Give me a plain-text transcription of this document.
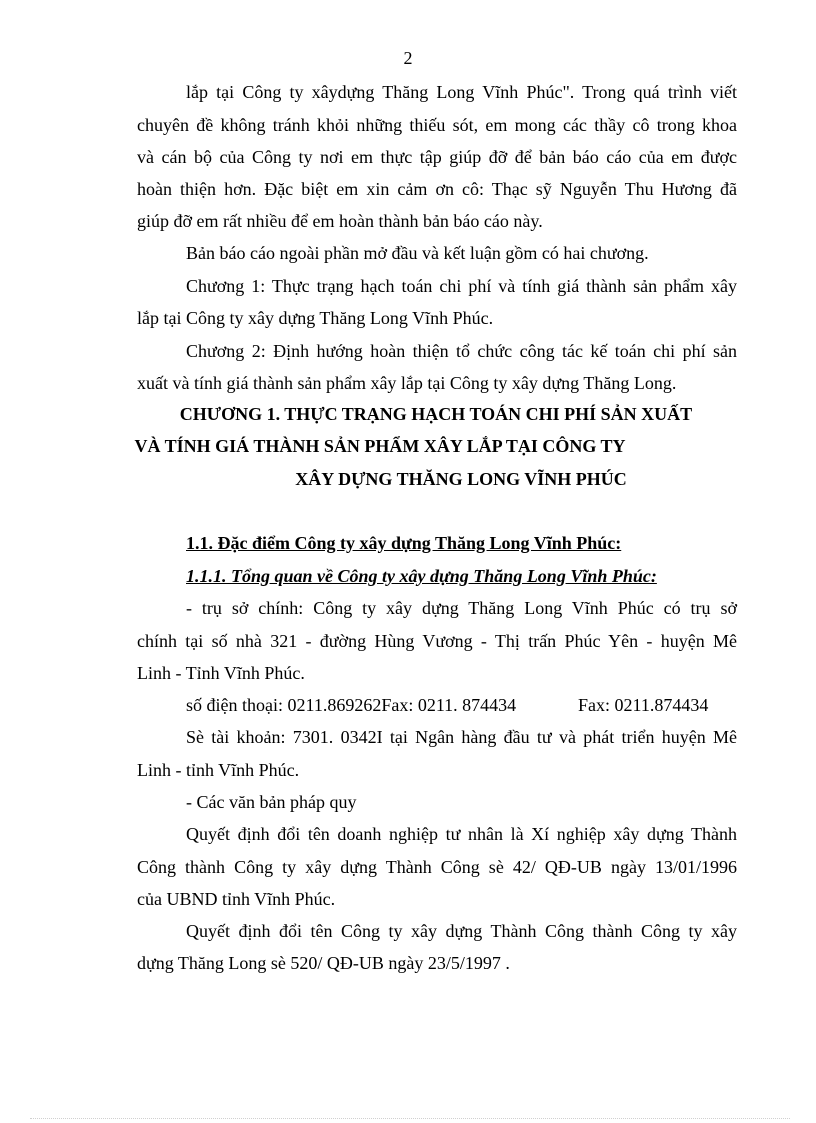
2
lắp tại Công ty xâydựng Thăng Long Vĩnh Phúc". Trong quá trình viết
chuyên đề không tránh khỏi những thiếu sót, em mong các thầy cô trong khoa
và cán bộ của Công ty nơi em thực tập giúp đỡ để bản báo cáo của em được
hoàn thiện hơn. Đặc biệt em xin cảm ơn cô: Thạc sỹ Nguyễn Thu Hương đã
giúp đỡ em rất nhiều để em hoàn thành bản báo cáo này.
Bản báo cáo ngoài phần mở đầu và kết luận gồm có hai chương.
Chương 1: Thực trạng hạch toán chi phí và tính giá thành sản phẩm xây
lắp tại Công ty xây dựng Thăng Long Vĩnh Phúc.
Chương 2: Định hướng hoàn thiện tổ chức công tác kế toán chi phí sản
xuất và tính giá thành sản phẩm xây lắp tại Công ty xây dựng Thăng Long.
CHƯƠNG 1. THỰC TRẠNG HẠCH TOÁN CHI PHÍ SẢN XUẤT
VÀ TÍNH GIÁ THÀNH SẢN PHẨM XÂY LẮP TẠI CÔNG TY
XÂY DỰNG THĂNG LONG VĨNH PHÚC
1.1. Đặc điểm Công ty xây dựng Thăng Long Vĩnh Phúc:
1.1.1. Tổng quan về Công ty xây dựng Thăng Long Vĩnh Phúc:
- trụ sở chính: Công ty xây dựng Thăng Long Vĩnh Phúc có trụ sở
chính tại số nhà 321 - đường Hùng Vương - Thị trấn Phúc Yên - huyện Mê
Linh - Tỉnh Vĩnh Phúc.
số điện thoại: 0211.869262Fax: 0211. 874434	Fax: 0211.874434
Sè tài khoản: 7301. 0342I tại Ngân hàng đầu tư và phát triển huyện Mê
Linh - tỉnh Vĩnh Phúc.
- Các văn bản pháp quy
Quyết định đổi tên doanh nghiệp tư nhân là Xí nghiệp xây dựng Thành
Công thành Công ty xây dựng Thành Công sè 42/ QĐ-UB ngày 13/01/1996
của UBND tỉnh Vĩnh Phúc.
Quyết định đổi tên Công ty xây dựng Thành Công thành Công ty xây
dựng Thăng Long sè 520/ QĐ-UB ngày 23/5/1997 .
